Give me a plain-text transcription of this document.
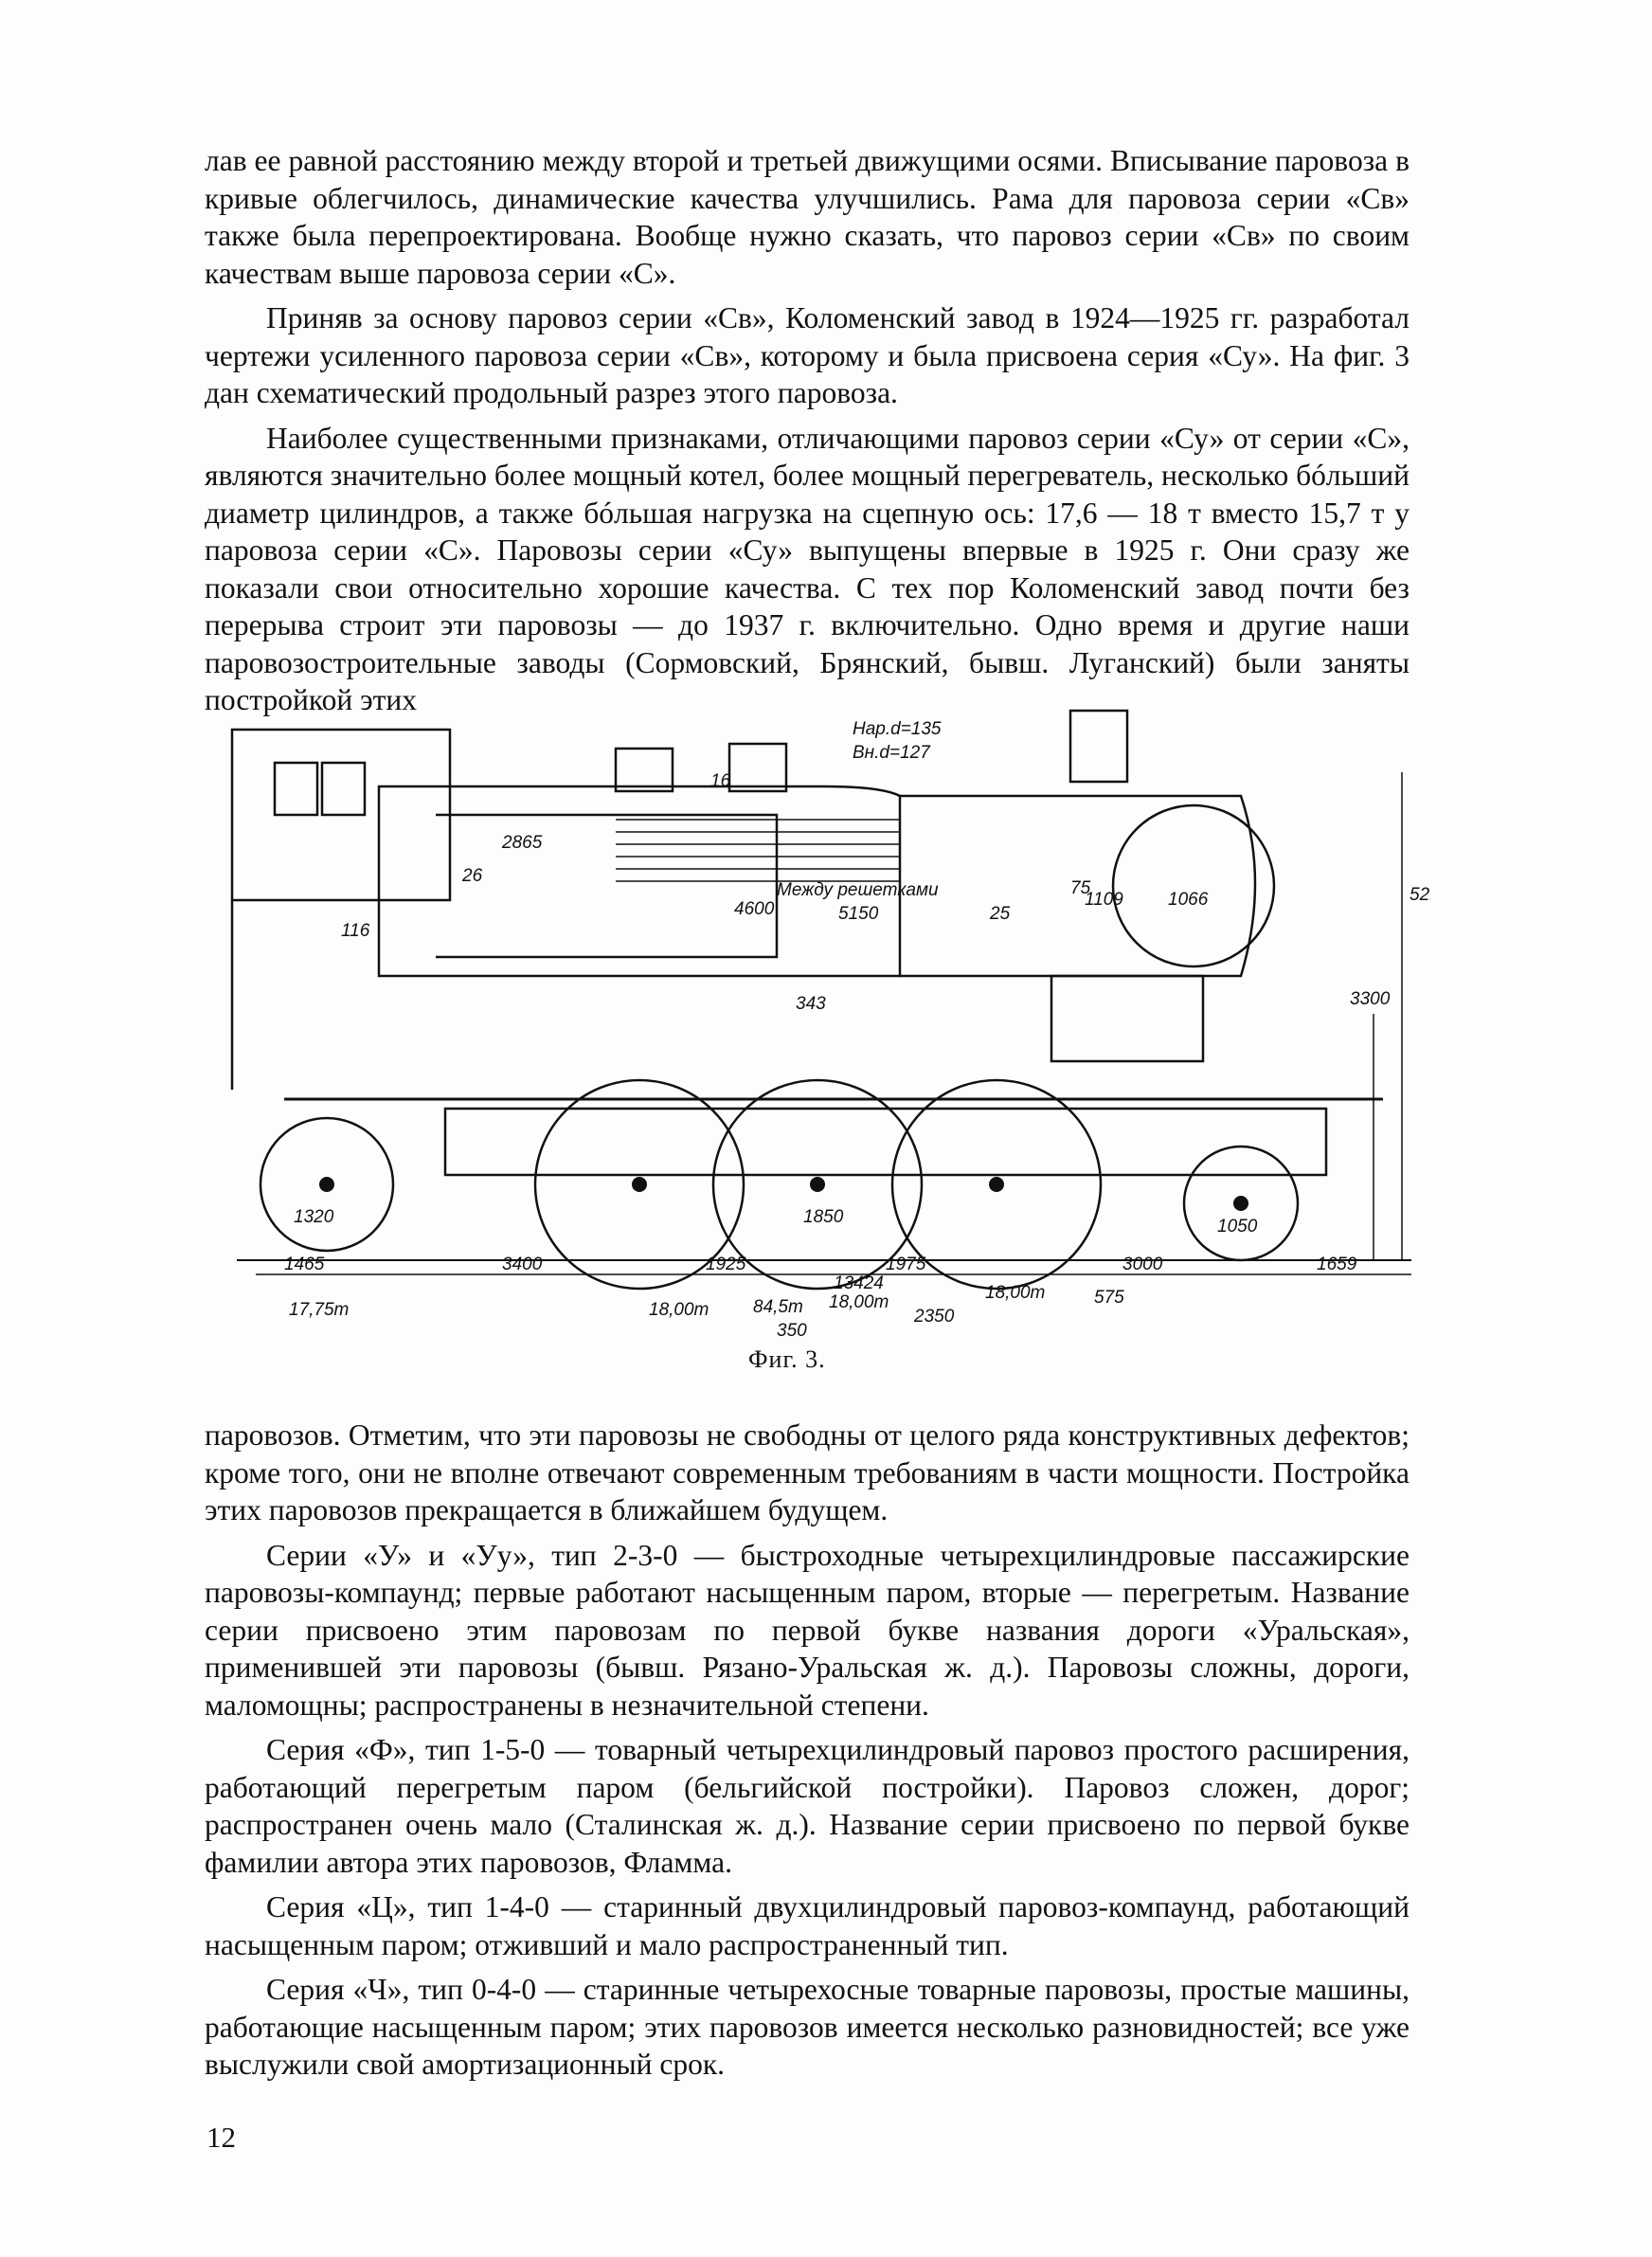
лав ее равной расстоянию между второй и третьей движущими осями. Вписывание паровоза в кривые облегчилось, динамические качества улучшились. Рама для паровоза серии «Св» также была перепроектирована. Вообще нужно сказать, что паровоз серии «Св» по своим качествам выше паровоза серии «С».

Приняв за основу паровоз серии «Св», Коломенский завод в 1924—1925 гг. разработал чертежи усиленного паровоза серии «Св», которому и была присвоена серия «Су». На фиг. 3 дан схематический продольный разрез этого паровоза.

Наиболее существенными признаками, отличающими паровоз серии «Су» от серии «С», являются значительно более мощный котел, более мощный перегреватель, несколько бóльший диаметр цилиндров, а также бóльшая нагрузка на сцепную ось: 17,6 — 18 т вместо 15,7 т у паровоза серии «С». Паровозы серии «Су» выпущены впервые в 1925 г. Они сразу же показали свои относительно хорошие качества. С тех пор Коломенский завод почти без перерыва строит эти паровозы — до 1937 г. включительно. Одно время и другие наши паровозостроительные заводы (Сормовский, Брянский, бывш. Луганский) были заняты постройкой этих

Нар.d=135
Вн.d=127
16
2865
26
4600
Между решетками
5150	25
75
1109 1066
116
343
1320	1850	1050
52
3300
1465	3400	1925	1975	3000	1659
17,75т	18,00т 84,5т 18,00т	18,00т
13424
2350
575
350
Фиг. 3.

паровозов. Отметим, что эти паровозы не свободны от целого ряда конструктивных дефектов; кроме того, они не вполне отвечают современным требованиям в части мощности. Постройка этих паровозов прекращается в ближайшем будущем.

Серии «У» и «Уу», тип 2-3-0 — быстроходные четырехцилиндровые пассажирские паровозы-компаунд; первые работают насыщенным паром, вторые — перегретым. Название серии присвоено этим паровозам по первой букве названия дороги «Уральская», применившей эти паровозы (бывш. Рязано-Уральская ж. д.). Паровозы сложны, дороги, маломощны; распространены в незначительной степени.

Серия «Ф», тип 1-5-0 — товарный четырехцилиндровый паровоз простого расширения, работающий перегретым паром (бельгийской постройки). Паровоз сложен, дорог; распространен очень мало (Сталинская ж. д.). Название серии присвоено по первой букве фамилии автора этих паровозов, Фламма.

Серия «Ц», тип 1-4-0 — старинный двухцилиндровый паровоз-компаунд, работающий насыщенным паром; отживший и мало распространенный тип.

Серия «Ч», тип 0-4-0 — старинные четырехосные товарные паровозы, простые машины, работающие насыщенным паром; этих паровозов имеется несколько разновидностей; все уже выслужили свой амортизационный срок.

12
